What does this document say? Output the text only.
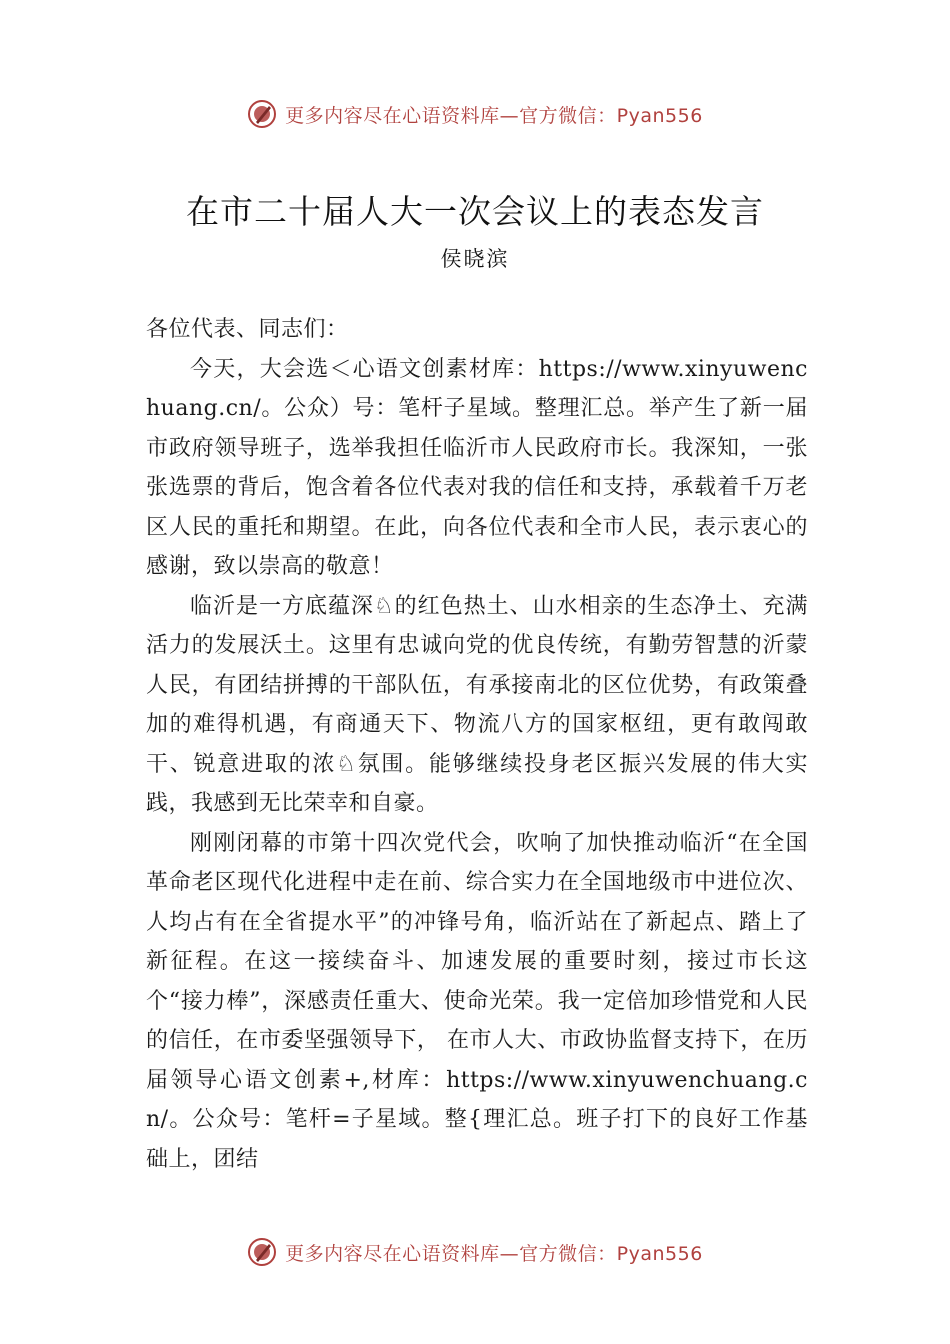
更多内容尽在心语资料库—官方微信：Pyan556
在市二十届人大一次会议上的表态发言
侯晓滨

各位代表、同志们：

今天，大会选＜心语文创素材库：https://www.xinyuwenchuang.cn/。公众）号：笔杆子星域。整理汇总。举产生了新一届市政府领导班子，选举我担任临沂市人民政府市长。我深知，一张张选票的背后，饱含着各位代表对我的信任和支持，承载着千万老区人民的重托和期望。在此，向各位代表和全市人民，表示衷心的感谢，致以崇高的敬意！

临沂是一方底蕴深♘的红色热土、山水相亲的生态净土、充满活力的发展沃土。这里有忠诚向党的优良传统，有勤劳智慧的沂蒙人民，有团结拼搏的干部队伍，有承接南北的区位优势，有政策叠加的难得机遇，有商通天下、物流八方的国家枢纽，更有敢闯敢干、锐意进取的浓♘氛围。能够继续投身老区振兴发展的伟大实践，我感到无比荣幸和自豪。

刚刚闭幕的市第十四次党代会，吹响了加快推动临沂“在全国革命老区现代化进程中走在前、综合实力在全国地级市中进位次、人均占有在全省提水平”的冲锋号角，临沂站在了新起点、踏上了新征程。在这一接续奋斗、加速发展的重要时刻，接过市长这个“接力棒”，深感责任重大、使命光荣。我一定倍加珍惜党和人民的信任，在市委坚强领导下， 在市人大、市政协监督支持下，在历届领导心语文创素+,材库：https://www.xinyuwenchuang.cn/。公众号：笔杆=子星域。整{理汇总。班子打下的良好工作基础上，团结

更多内容尽在心语资料库—官方微信：Pyan556
